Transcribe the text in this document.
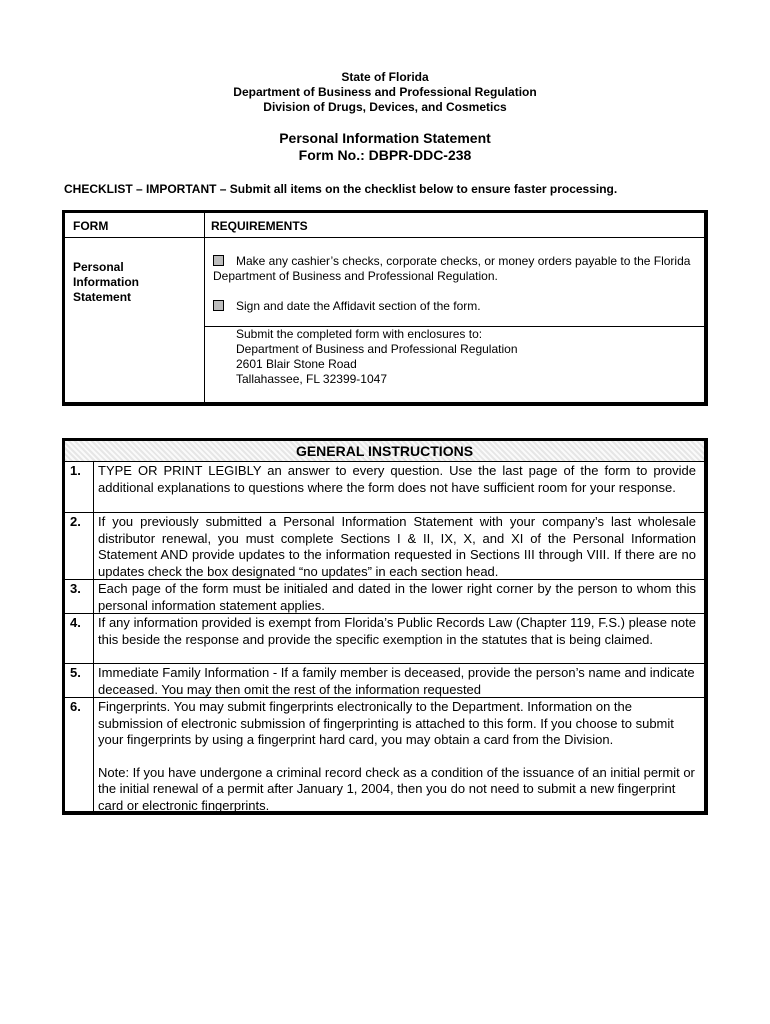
State of Florida
Department of Business and Professional Regulation
Division of Drugs, Devices, and Cosmetics
Personal Information Statement
Form No.: DBPR-DDC-238
CHECKLIST – IMPORTANT – Submit all items on the checklist below to ensure faster processing.
FORM	REQUIREMENTS
Personal
Information
Statement
Make any cashier’s checks, corporate checks, or money orders payable to the Florida Department of Business and Professional Regulation.
Sign and date the Affidavit section of the form.
Submit the completed form with enclosures to:
Department of Business and Professional Regulation
2601 Blair Stone Road
Tallahassee, FL 32399-1047
GENERAL INSTRUCTIONS
1. TYPE OR PRINT LEGIBLY an answer to every question. Use the last page of the form to provide additional explanations to questions where the form does not have sufficient room for your response.
2. If you previously submitted a Personal Information Statement with your company’s last wholesale distributor renewal, you must complete Sections I & II, IX, X, and XI of the Personal Information Statement AND provide updates to the information requested in Sections III through VIII. If there are no updates check the box designated “no updates” in each section head.
3. Each page of the form must be initialed and dated in the lower right corner by the person to whom this personal information statement applies.
4. If any information provided is exempt from Florida’s Public Records Law (Chapter 119, F.S.) please note this beside the response and provide the specific exemption in the statutes that is being claimed.
5. Immediate Family Information - If a family member is deceased, provide the person’s name and indicate deceased. You may then omit the rest of the information requested
6. Fingerprints. You may submit fingerprints electronically to the Department. Information on the submission of electronic submission of fingerprinting is attached to this form. If you choose to submit your fingerprints by using a fingerprint hard card, you may obtain a card from the Division.

Note: If you have undergone a criminal record check as a condition of the issuance of an initial permit or the initial renewal of a permit after January 1, 2004, then you do not need to submit a new fingerprint card or electronic fingerprints.
